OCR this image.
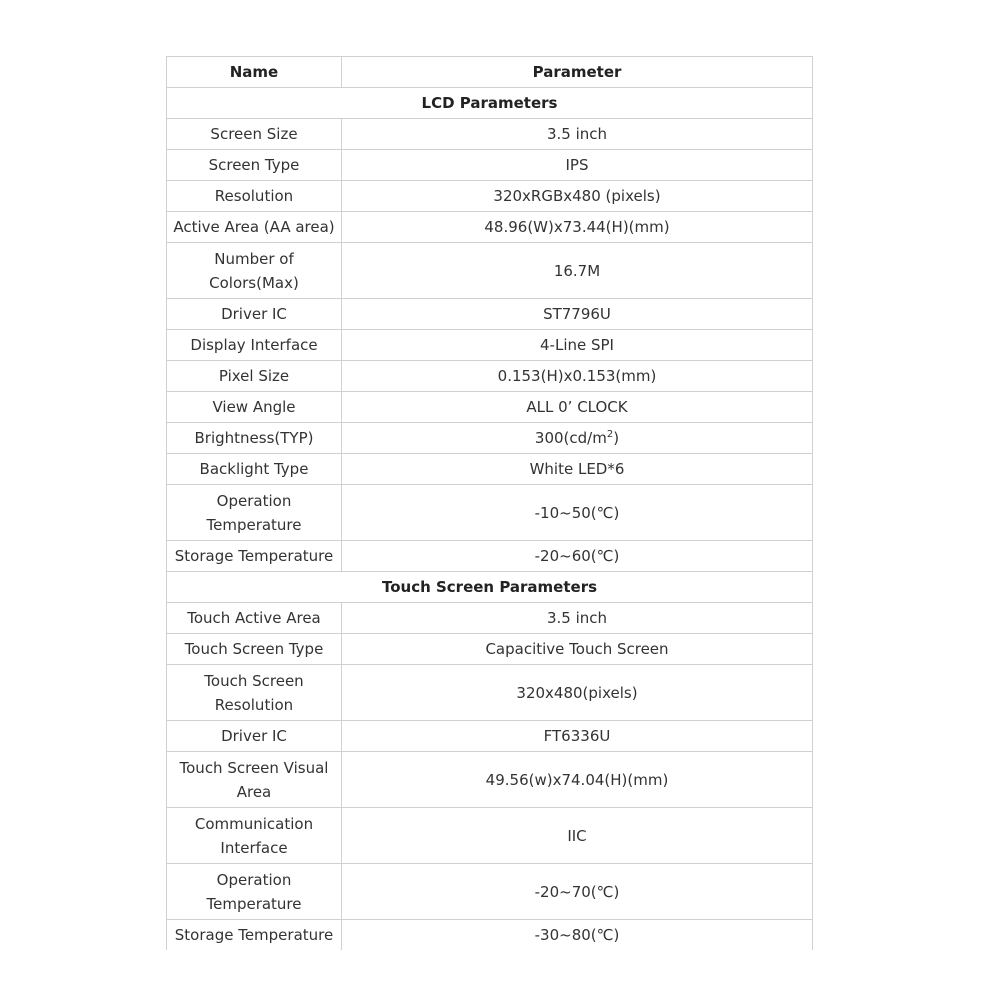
Name	Parameter
LCD Parameters	
Screen Size	3.5 inch
Screen Type	IPS
Resolution	320xRGBx480 (pixels)
Active Area (AA area)	48.96(W)x73.44(H)(mm)
Number of Colors(Max)	16.7M
Driver IC	ST7796U
Display Interface	4-Line SPI
Pixel Size	0.153(H)x0.153(mm)
View Angle	ALL 0’ CLOCK
Brightness(TYP)	$300(cd/m^2)$
Backlight Type	White LED*6
Operation Temperature	-10~50(℃)
Storage Temperature	-20~60(℃)
Touch Screen Parameters	
Touch Active Area	3.5 inch
Touch Screen Type	Capacitive Touch Screen
Touch Screen Resolution	320x480(pixels)
Driver IC	FT6336U
Touch Screen Visual Area	49.56(w)x74.04(H)(mm)
Communication Interface	IIC
Operation Temperature	-20~70(℃)
Storage Temperature	-30~80(℃)
